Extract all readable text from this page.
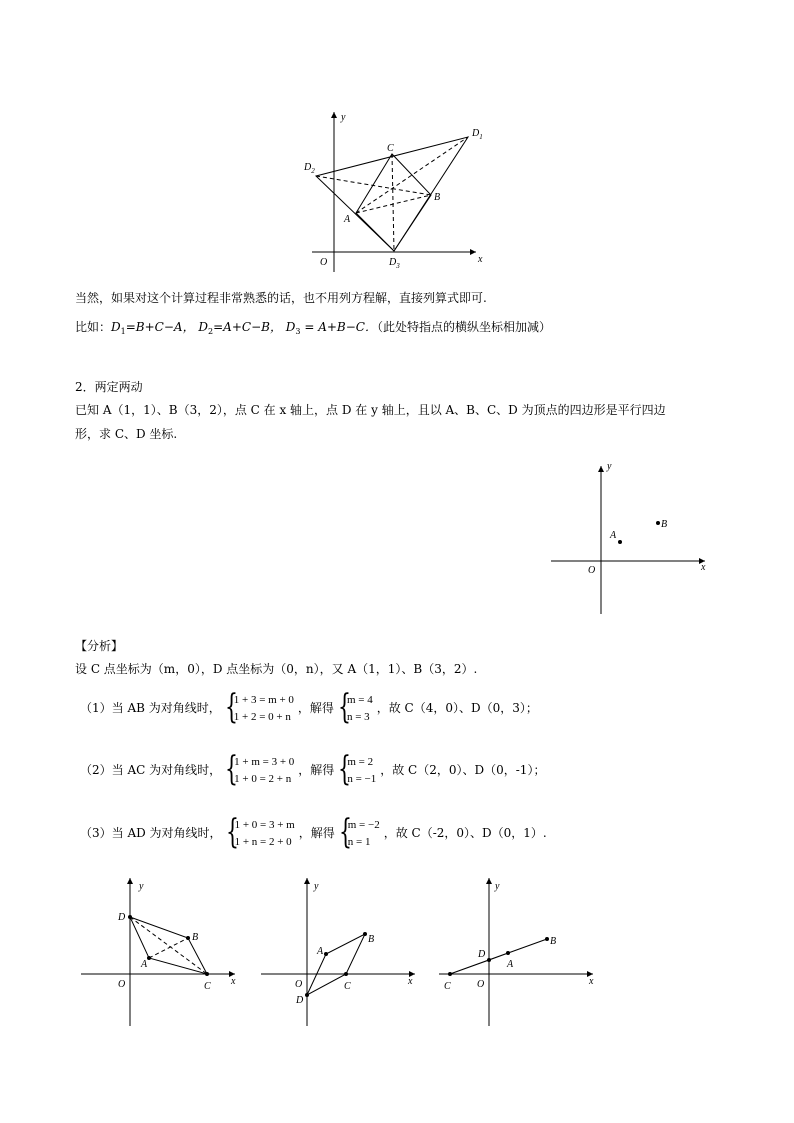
y
x
O
C
B
A
$D_1$
$D_2$
$D_3$
当然，如果对这个计算过程非常熟悉的话，也不用列方程解，直接列算式即可.
比如：$D_1=B+C-A$， $D_2=A+C-B$， $D_3 = A+B-C$．（此处特指点的横纵坐标相加减）
2．两定两动
已知 A（1，1）、B（3，2），点 C 在 x 轴上，点 D 在 y 轴上，且以 A、B、C、D 为顶点的四边形是平行四边
形，求 C、D 坐标.
y
x
O
A
B
【分析】
设 C 点坐标为（m，0），D 点坐标为（0，n），又 A（1，1）、B（3，2）.
（1）当 AB 为对角线时， {
1 + 3 = m + 0
1 + 2 = 0 + n
，解得 {
m = 4
n = 3
，故 C（4，0）、D（0，3）；
（2）当 AC 为对角线时， {
1 + m = 3 + 0
1 + 0 = 2 + n
，解得 {
m = 2
n = −1
，故 C（2，0）、D（0，-1）；
（3）当 AD 为对角线时， {
1 + 0 = 3 + m
1 + n = 2 + 0
，解得 {
m = −2
n = 1
，故 C（-2，0）、D（0，1）.
y
x
O
A
B
C
D
y
x
O
A
B
C
D
y
x
O
A
B
C
D
